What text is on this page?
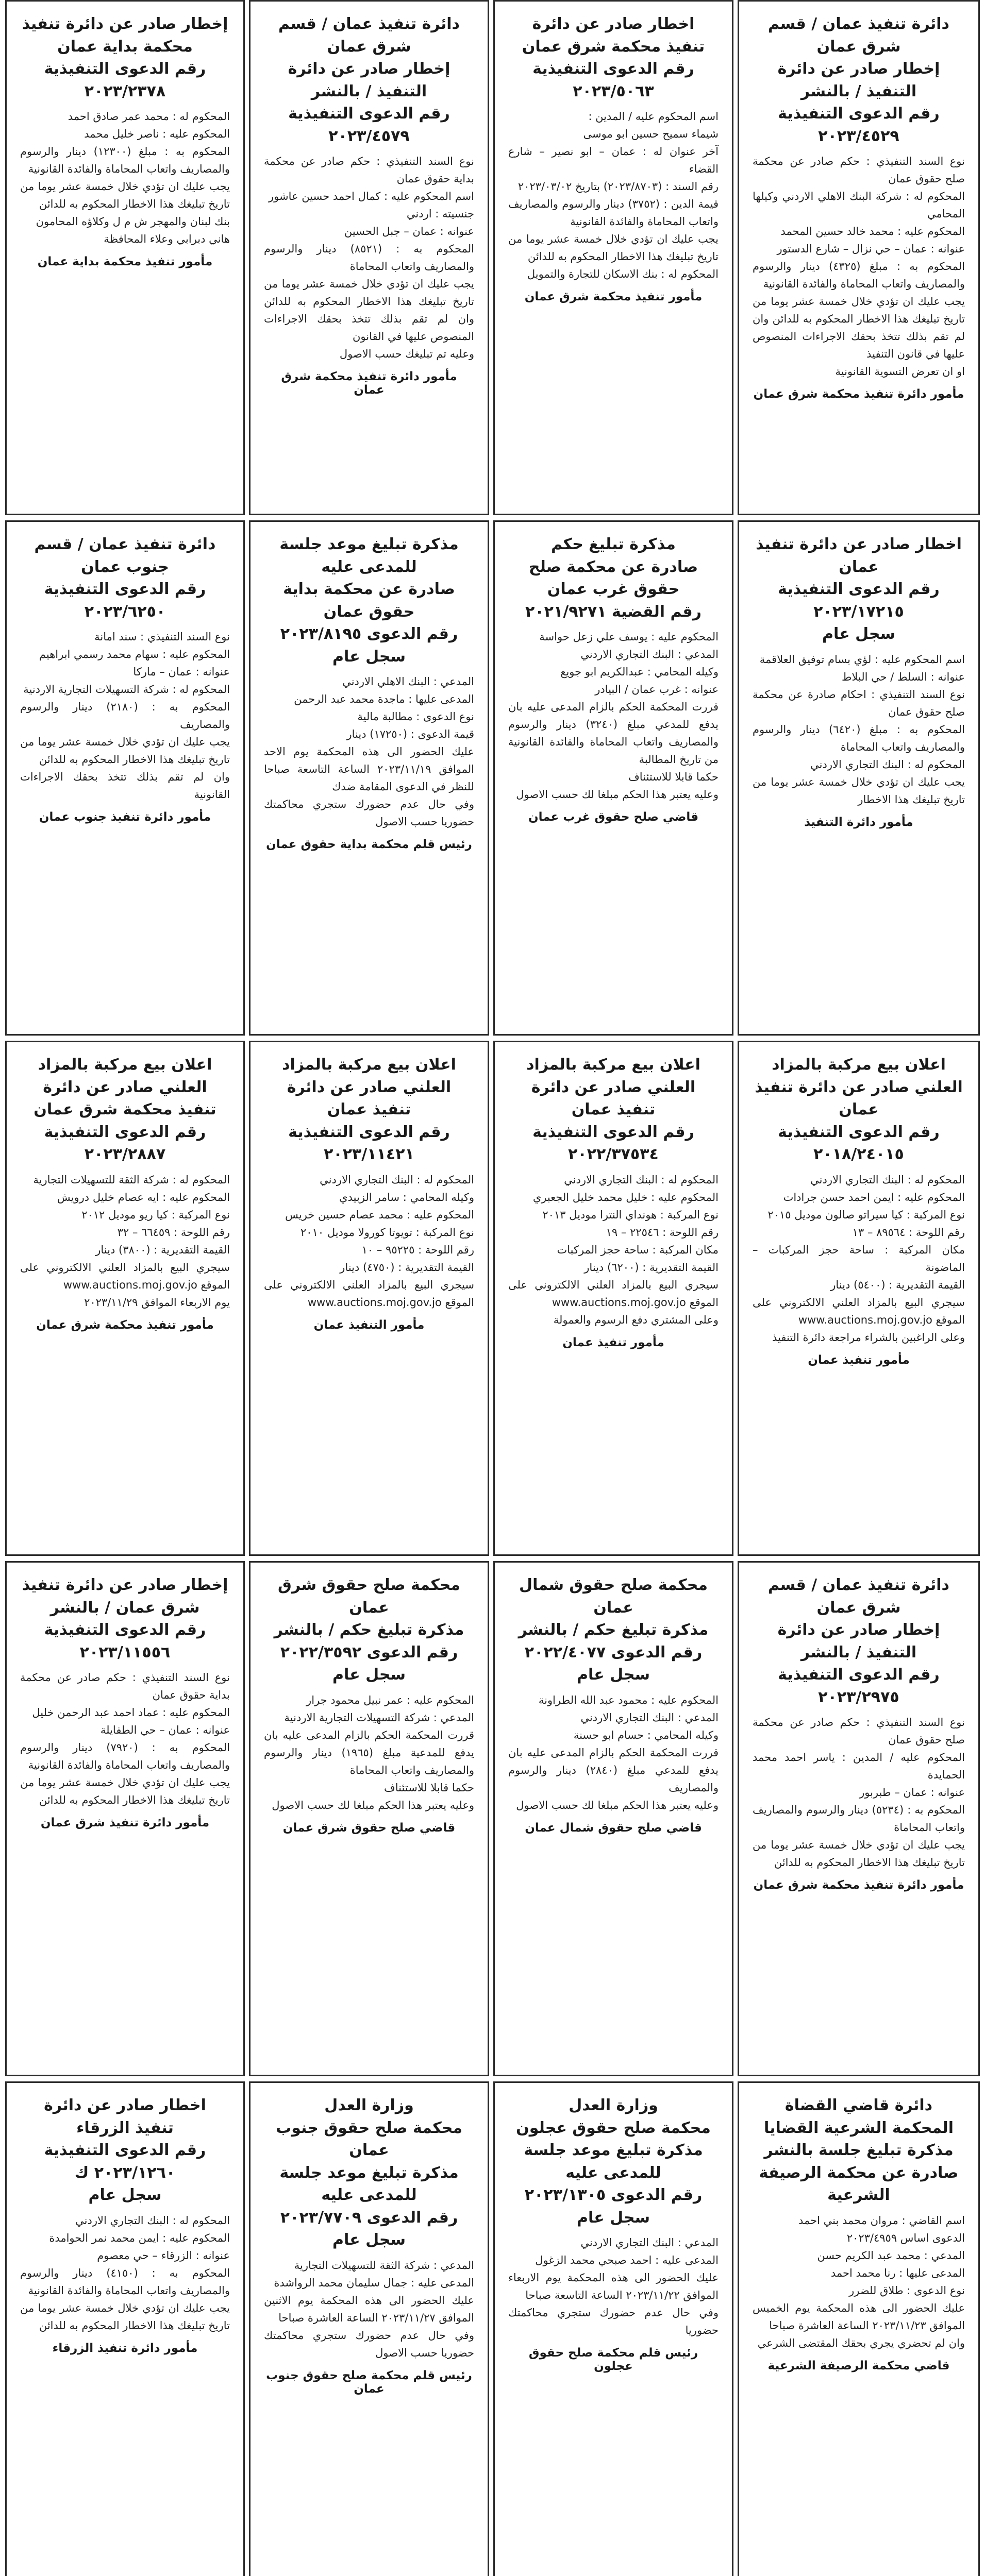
دائرة تنفيذ عمان / قسم شرق عمان
إخطار صادر عن دائرة التنفيذ / بالنشر
رقم الدعوى التنفيذية ٢٠٢٣/٤٥٢٩
نوع السند التنفيذي : حكم صادر عن محكمة صلح حقوق عمان
المحكوم له : شركة البنك الاهلي الاردني وكيلها المحامي
المحكوم عليه : محمد خالد حسين المحمد
عنوانه : عمان – حي نزال – شارع الدستور
المحكوم به : مبلغ (٤٣٢٥) دينار والرسوم والمصاريف واتعاب المحاماة والفائدة القانونية
يجب عليك ان تؤدي خلال خمسة عشر يوما من تاريخ تبليغك هذا الاخطار المحكوم به للدائن وان لم تقم بذلك تتخذ بحقك الاجراءات المنصوص عليها في قانون التنفيذ
او ان تعرض التسوية القانونية
مأمور دائرة تنفيذ محكمة شرق عمان
اخطار صادر عن دائرة
تنفيذ محكمة شرق عمان
رقم الدعوى التنفيذية ٢٠٢٣/٥٠٦٣
اسم المحكوم عليه / المدين :
شيماء سميح حسين ابو موسى
آخر عنوان له : عمان – ابو نصير – شارع القضاء
رقم السند : (٢٠٢٣/٨٧٠٣) بتاريخ ٢٠٢٣/٠٣/٠٢
قيمة الدين : (٣٧٥٢) دينار والرسوم والمصاريف واتعاب المحاماة والفائدة القانونية
يجب عليك ان تؤدي خلال خمسة عشر يوما من تاريخ تبليغك هذا الاخطار المحكوم به للدائن
المحكوم له : بنك الاسكان للتجارة والتمويل
مأمور تنفيذ محكمة شرق عمان
دائرة تنفيذ عمان / قسم شرق عمان
إخطار صادر عن دائرة التنفيذ / بالنشر
رقم الدعوى التنفيذية ٢٠٢٣/٤٥٧٩
نوع السند التنفيذي : حكم صادر عن محكمة بداية حقوق عمان
اسم المحكوم عليه : كمال احمد حسين عاشور
جنسيته : اردني
عنوانه : عمان – جبل الحسين
المحكوم به : (٨٥٢١) دينار والرسوم والمصاريف واتعاب المحاماة
يجب عليك ان تؤدي خلال خمسة عشر يوما من تاريخ تبليغك هذا الاخطار المحكوم به للدائن وان لم تقم بذلك تتخذ بحقك الاجراءات المنصوص عليها في القانون
وعليه تم تبليغك حسب الاصول
مأمور دائرة تنفيذ محكمة شرق عمان
إخطار صادر عن دائرة تنفيذ محكمة بداية عمان
رقم الدعوى التنفيذية ٢٠٢٣/٢٣٧٨
المحكوم له : محمد عمر صادق احمد
المحكوم عليه : ناصر خليل محمد
المحكوم به : مبلغ (١٢٣٠٠) دينار والرسوم والمصاريف واتعاب المحاماة والفائدة القانونية
يجب عليك ان تؤدي خلال خمسة عشر يوما من تاريخ تبليغك هذا الاخطار المحكوم به للدائن
بنك لبنان والمهجر ش م ل وكلاؤه المحامون
هاني دبرابي وعلاء المحافظة
مأمور تنفيذ محكمة بداية عمان
اخطار صادر عن دائرة تنفيذ عمان
رقم الدعوى التنفيذية
٢٠٢٣/١٧٢١٥
سجل عام
اسم المحكوم عليه : لؤي بسام توفيق العلاقمة
عنوانه : السلط / حي البلاط
نوع السند التنفيذي : احكام صادرة عن محكمة صلح حقوق عمان
المحكوم به : مبلغ (٦٤٢٠) دينار والرسوم والمصاريف واتعاب المحاماة
المحكوم له : البنك التجاري الاردني
يجب عليك ان تؤدي خلال خمسة عشر يوما من تاريخ تبليغك هذا الاخطار
مأمور دائرة التنفيذ
مذكرة تبليغ حكم
صادرة عن محكمة صلح حقوق غرب عمان
رقم القضية ٢٠٢١/٩٢٧١
المحكوم عليه : يوسف علي زعل حواسة
المدعي : البنك التجاري الاردني
وكيله المحامي : عبدالكريم ابو جويع
عنوانه : غرب عمان / البيادر
قررت المحكمة الحكم بالزام المدعى عليه بان يدفع للمدعي مبلغ (٣٢٤٠) دينار والرسوم والمصاريف واتعاب المحاماة والفائدة القانونية من تاريخ المطالبة
حكما قابلا للاستئناف
وعليه يعتبر هذا الحكم مبلغا لك حسب الاصول
قاضي صلح حقوق غرب عمان
مذكرة تبليغ موعد جلسة للمدعى عليه
صادرة عن محكمة بداية حقوق عمان
رقم الدعوى ٢٠٢٣/٨١٩٥
سجل عام
المدعي : البنك الاهلي الاردني
المدعى عليها : ماجدة محمد عبد الرحمن
نوع الدعوى : مطالبة مالية
قيمة الدعوى : (١٧٢٥٠) دينار
عليك الحضور الى هذه المحكمة يوم الاحد الموافق ٢٠٢٣/١١/١٩ الساعة التاسعة صباحا للنظر في الدعوى المقامة ضدك
وفي حال عدم حضورك ستجري محاكمتك حضوريا حسب الاصول
رئيس قلم محكمة بداية حقوق عمان
دائرة تنفيذ عمان / قسم جنوب عمان
رقم الدعوى التنفيذية ٢٠٢٣/٦٢٥٠
نوع السند التنفيذي : سند امانة
المحكوم عليه : سهام محمد رسمي ابراهيم
عنوانه : عمان – ماركا
المحكوم له : شركة التسهيلات التجارية الاردنية
المحكوم به : (٢١٨٠) دينار والرسوم والمصاريف
يجب عليك ان تؤدي خلال خمسة عشر يوما من تاريخ تبليغك هذا الاخطار المحكوم به للدائن
وان لم تقم بذلك تتخذ بحقك الاجراءات القانونية
مأمور دائرة تنفيذ جنوب عمان
اعلان بيع مركبة بالمزاد العلني صادر عن دائرة تنفيذ عمان
رقم الدعوى التنفيذية ٢٠١٨/٢٤٠١٥
المحكوم له : البنك التجاري الاردني
المحكوم عليه : ايمن احمد حسن جرادات
نوع المركبة : كيا سيراتو صالون موديل ٢٠١٥
رقم اللوحة : ٨٩٥٦٤ – ١٣
مكان المركبة : ساحة حجز المركبات – الماضونة
القيمة التقديرية : (٥٤٠٠) دينار
سيجري البيع بالمزاد العلني الالكتروني على الموقع www.auctions.moj.gov.jo
وعلى الراغبين بالشراء مراجعة دائرة التنفيذ
مأمور تنفيذ عمان
اعلان بيع مركبة بالمزاد العلني صادر عن دائرة
تنفيذ عمان
رقم الدعوى التنفيذية ٢٠٢٢/٣٧٥٣٤
المحكوم له : البنك التجاري الاردني
المحكوم عليه : خليل محمد خليل الجعبري
نوع المركبة : هونداي النترا موديل ٢٠١٣
رقم اللوحة : ٢٢٥٤٦ – ١٩
مكان المركبة : ساحة حجز المركبات
القيمة التقديرية : (٦٢٠٠) دينار
سيجري البيع بالمزاد العلني الالكتروني على الموقع www.auctions.moj.gov.jo
وعلى المشتري دفع الرسوم والعمولة
مأمور تنفيذ عمان
اعلان بيع مركبة بالمزاد العلني صادر عن دائرة
تنفيذ عمان
رقم الدعوى التنفيذية ٢٠٢٣/١١٤٢١
المحكوم له : البنك التجاري الاردني
وكيله المحامي : سامر الزبيدي
المحكوم عليه : محمد عصام حسين خريس
نوع المركبة : تويوتا كورولا موديل ٢٠١٠
رقم اللوحة : ٩٥٢٢٥ – ١٠
القيمة التقديرية : (٤٧٥٠) دينار
سيجري البيع بالمزاد العلني الالكتروني على الموقع www.auctions.moj.gov.jo
مأمور التنفيذ عمان
اعلان بيع مركبة بالمزاد العلني صادر عن دائرة
تنفيذ محكمة شرق عمان
رقم الدعوى التنفيذية ٢٠٢٣/٢٨٨٧
المحكوم له : شركة الثقة للتسهيلات التجارية
المحكوم عليه : ايه عصام خليل درويش
نوع المركبة : كيا ريو موديل ٢٠١٢
رقم اللوحة : ٦٦٤٥٩ – ٣٢
القيمة التقديرية : (٣٨٠٠) دينار
سيجري البيع بالمزاد العلني الالكتروني على الموقع www.auctions.moj.gov.jo
يوم الاربعاء الموافق ٢٠٢٣/١١/٢٩
مأمور تنفيذ محكمة شرق عمان
دائرة تنفيذ عمان / قسم شرق عمان
إخطار صادر عن دائرة التنفيذ / بالنشر
رقم الدعوى التنفيذية ٢٠٢٣/٢٩٧٥
نوع السند التنفيذي : حكم صادر عن محكمة صلح حقوق عمان
المحكوم عليه / المدين : ياسر احمد محمد الحمايدة
عنوانه : عمان – طبربور
المحكوم به : (٥٢٣٤) دينار والرسوم والمصاريف واتعاب المحاماة
يجب عليك ان تؤدي خلال خمسة عشر يوما من تاريخ تبليغك هذا الاخطار المحكوم به للدائن
مأمور دائرة تنفيذ محكمة شرق عمان
محكمة صلح حقوق شمال عمان
مذكرة تبليغ حكم / بالنشر
رقم الدعوى ٢٠٢٢/٤٠٧٧
سجل عام
المحكوم عليه : محمود عبد الله الطراونة
المدعي : البنك التجاري الاردني
وكيله المحامي : حسام ابو حسنة
قررت المحكمة الحكم بالزام المدعى عليه بان يدفع للمدعي مبلغ (٢٨٤٠) دينار والرسوم والمصاريف
وعليه يعتبر هذا الحكم مبلغا لك حسب الاصول
قاضي صلح حقوق شمال عمان
محكمة صلح حقوق شرق عمان
مذكرة تبليغ حكم / بالنشر
رقم الدعوى ٢٠٢٢/٣٥٩٢
سجل عام
المحكوم عليه : عمر نبيل محمود جرار
المدعي : شركة التسهيلات التجارية الاردنية
قررت المحكمة الحكم بالزام المدعى عليه بان يدفع للمدعية مبلغ (١٩٦٥) دينار والرسوم والمصاريف واتعاب المحاماة
حكما قابلا للاستئناف
وعليه يعتبر هذا الحكم مبلغا لك حسب الاصول
قاضي صلح حقوق شرق عمان
إخطار صادر عن دائرة تنفيذ شرق عمان / بالنشر
رقم الدعوى التنفيذية ٢٠٢٣/١١٥٥٦
نوع السند التنفيذي : حكم صادر عن محكمة بداية حقوق عمان
المحكوم عليه : عماد احمد عبد الرحمن خليل
عنوانه : عمان – حي الطفايلة
المحكوم به : (٧٩٢٠) دينار والرسوم والمصاريف واتعاب المحاماة والفائدة القانونية
يجب عليك ان تؤدي خلال خمسة عشر يوما من تاريخ تبليغك هذا الاخطار المحكوم به للدائن
مأمور دائرة تنفيذ شرق عمان
دائرة قاضي القضاة
المحكمة الشرعية القضايا
مذكرة تبليغ جلسة بالنشر صادرة عن محكمة الرصيفة الشرعية
اسم القاضي : مروان محمد بني احمد
الدعوى اساس ٢٠٢٣/٤٩٥٩
المدعي : محمد عبد الكريم حسن
المدعى عليها : رنا محمد احمد
نوع الدعوى : طلاق للضرر
عليك الحضور الى هذه المحكمة يوم الخميس الموافق ٢٠٢٣/١١/٢٣ الساعة العاشرة صباحا
وان لم تحضري يجري بحقك المقتضى الشرعي
قاضي محكمة الرصيفة الشرعية
وزارة العدل
محكمة صلح حقوق عجلون
مذكرة تبليغ موعد جلسة للمدعى عليه
رقم الدعوى ٢٠٢٣/١٣٠٥
سجل عام
المدعي : البنك التجاري الاردني
المدعى عليه : احمد صبحي محمد الزغول
عليك الحضور الى هذه المحكمة يوم الاربعاء الموافق ٢٠٢٣/١١/٢٢ الساعة التاسعة صباحا
وفي حال عدم حضورك ستجري محاكمتك حضوريا
رئيس قلم محكمة صلح حقوق عجلون
وزارة العدل
محكمة صلح حقوق جنوب عمان
مذكرة تبليغ موعد جلسة للمدعى عليه
رقم الدعوى ٢٠٢٣/٧٧٠٩
سجل عام
المدعي : شركة الثقة للتسهيلات التجارية
المدعى عليه : جمال سليمان محمد الرواشدة
عليك الحضور الى هذه المحكمة يوم الاثنين الموافق ٢٠٢٣/١١/٢٧ الساعة العاشرة صباحا
وفي حال عدم حضورك ستجري محاكمتك حضوريا حسب الاصول
رئيس قلم محكمة صلح حقوق جنوب عمان
اخطار صادر عن دائرة
تنفيذ الزرقاء
رقم الدعوى التنفيذية
٢٠٢٣/١٢٦٠ ك
سجل عام
المحكوم له : البنك التجاري الاردني
المحكوم عليه : ايمن محمد نمر الحوامدة
عنوانه : الزرقاء – حي معصوم
المحكوم به : (٤١٥٠) دينار والرسوم والمصاريف واتعاب المحاماة والفائدة القانونية
يجب عليك ان تؤدي خلال خمسة عشر يوما من تاريخ تبليغك هذا الاخطار المحكوم به للدائن
مأمور دائرة تنفيذ الزرقاء
